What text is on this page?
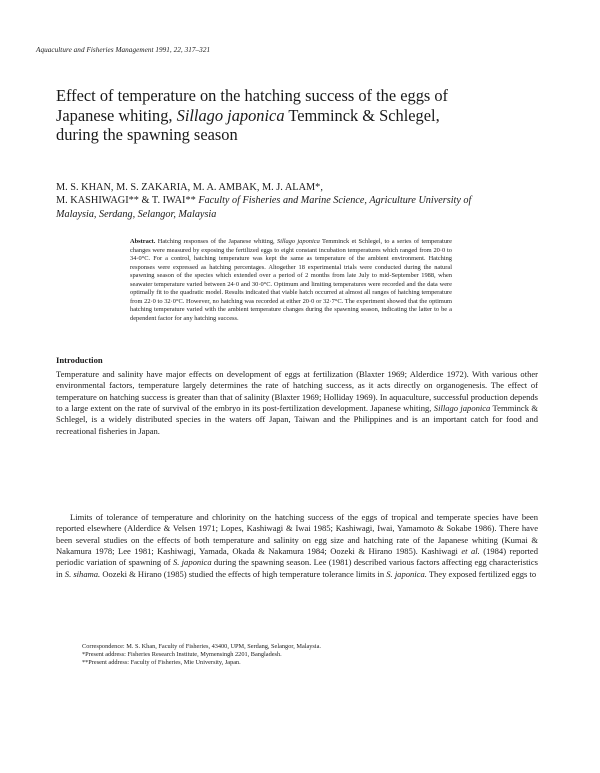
Aquaculture and Fisheries Management 1991, 22, 317–321
Effect of temperature on the hatching success of the eggs of Japanese whiting, Sillago japonica Temminck & Schlegel, during the spawning season

M. S. KHAN, M. S. ZAKARIA, M. A. AMBAK, M. J. ALAM*,
M. KASHIWAGI** & T. IWAI** Faculty of Fisheries and Marine Science, Agriculture University of Malaysia, Serdang, Selangor, Malaysia

Abstract. Hatching responses of the Japanese whiting, Sillago japonica Temminck et Schlegel, to a series of temperature changes were measured by exposing the fertilized eggs to eight constant incubation temperatures which ranged from 20·0 to 34·0°C. For a control, hatching temperature was kept the same as temperature of the ambient environment. Hatching responses were expressed as hatching percentages. Altogether 18 experimental trials were conducted during the natural spawning season of the species which extended over a period of 2 months from late July to mid-September 1988, when seawater temperature varied between 24·0 and 30·0°C. Optimum and limiting temperatures were recorded and the data were optimally fit to the quadratic model. Results indicated that viable hatch occurred at almost all ranges of hatching temperature from 22·0 to 32·0°C. However, no hatching was recorded at either 20·0 or 32·7°C. The experiment showed that the optimum hatching temperature varied with the ambient temperature changes during the spawning season, indicating the latter to be a dependent factor for any hatching success.

Introduction

Temperature and salinity have major effects on development of eggs at fertilization (Blaxter 1969; Alderdice 1972). With various other environmental factors, temperature largely determines the rate of hatching success, as it acts directly on organogenesis. The effect of temperature on hatching success is greater than that of salinity (Blaxter 1969; Holliday 1969). In aquaculture, successful production depends to a large extent on the rate of survival of the embryo in its post-fertilization development. Japanese whiting, Sillago japonica Temminck & Schlegel, is a widely distributed species in the waters off Japan, Taiwan and the Philippines and is an important catch for food and recreational fisheries in Japan.

Limits of tolerance of temperature and chlorinity on the hatching success of the eggs of tropical and temperate species have been reported elsewhere (Alderdice & Velsen 1971; Lopes, Kashiwagi & Iwai 1985; Kashiwagi, Iwai, Yamamoto & Sokabe 1986). There have been several studies on the effects of both temperature and salinity on egg size and hatching rate of the Japanese whiting (Kumai & Nakamura 1978; Lee 1981; Kashiwagi, Yamada, Okada & Nakamura 1984; Oozeki & Hirano 1985). Kashiwagi et al. (1984) reported periodic variation of spawning of S. japonica during the spawning season. Lee (1981) described various factors affecting egg characteristics in S. sihama. Oozeki & Hirano (1985) studied the effects of high temperature tolerance limits in S. japonica. They exposed fertilized eggs to

Correspondence: M. S. Khan, Faculty of Fisheries, 43400, UPM, Serdang, Selangor, Malaysia.
*Present address: Fisheries Research Institute, Mymensingh 2201, Bangladesh.
**Present address: Faculty of Fisheries, Mie University, Japan.
